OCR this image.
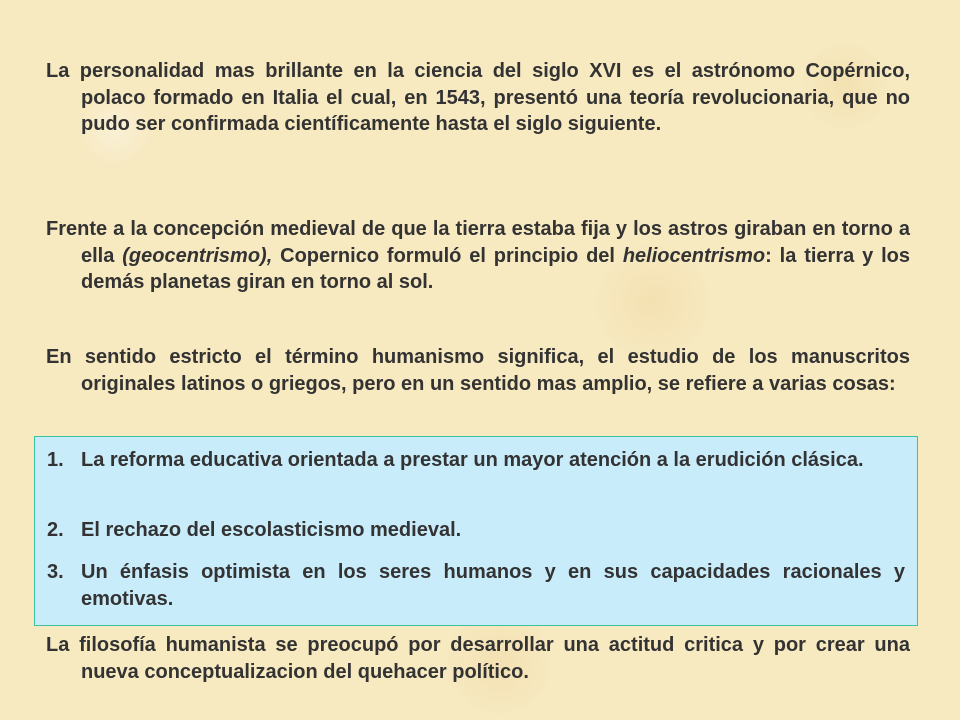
La personalidad mas brillante en la ciencia del siglo XVI es el astrónomo Copérnico, polaco formado en Italia el cual, en 1543, presentó una teoría revolucionaria, que no pudo ser confirmada científicamente hasta el siglo siguiente.

Frente a la concepción medieval de que la tierra estaba fija y los astros giraban en torno a ella (geocentrismo), Copernico formuló el principio del heliocentrismo: la tierra y los demás planetas giran en torno al sol.

En sentido estricto el término humanismo significa, el estudio de los manuscritos originales latinos o griegos, pero en un sentido mas amplio, se refiere a varias cosas:

1. La reforma educativa orientada a prestar un mayor atención a la erudición clásica.
2. El rechazo del escolasticismo medieval.
3. Un énfasis optimista en los seres humanos y en sus capacidades racionales y emotivas.

La filosofía humanista se preocupó por desarrollar una actitud critica y por crear una nueva conceptualizacion del quehacer político.
